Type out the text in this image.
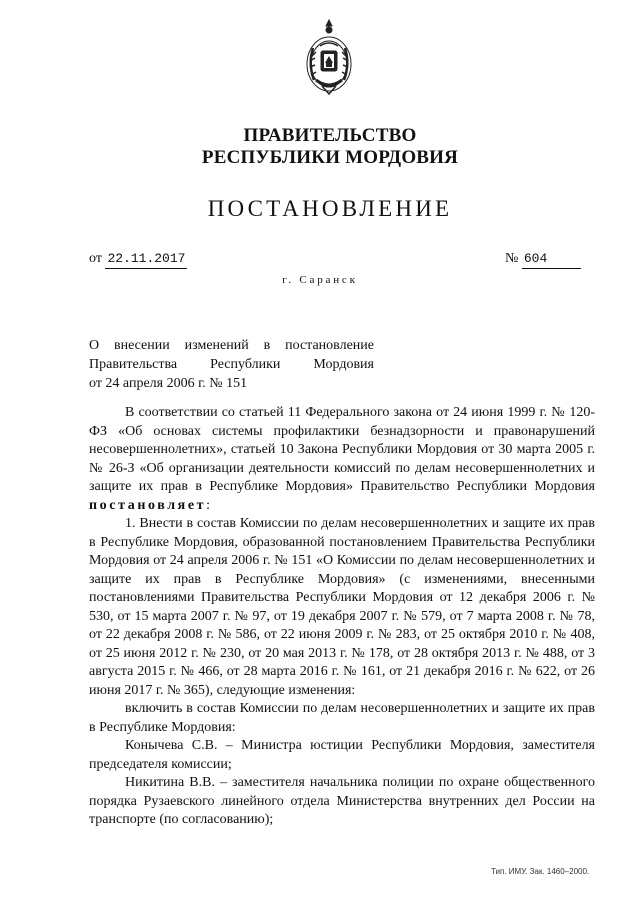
ПРАВИТЕЛЬСТВО
РЕСПУБЛИКИ МОРДОВИЯ
ПОСТАНОВЛЕНИЕ
от 22.11.2017	№ 604
г. Саранск
О внесении изменений в постановление
Правительства Республики Мордовия
от 24 апреля 2006 г. № 151

В соответствии со статьей 11 Федерального закона от 24 июня 1999 г. № 120-ФЗ «Об основах системы профилактики безнадзорности и правонарушений несовершеннолетних», статьей 10 Закона Республики Мордовия от 30 марта 2005 г. № 26-З «Об организации деятельности комиссий по делам несовершеннолетних и защите их прав в Республике Мордовия» Правительство Республики Мордовия постановляет:

1. Внести в состав Комиссии по делам несовершеннолетних и защите их прав в Республике Мордовия, образованной постановлением Правительства Республики Мордовия от 24 апреля 2006 г. № 151 «О Комиссии по делам несовершеннолетних и защите их прав в Республике Мордовия» (с изменениями, внесенными постановлениями Правительства Республики Мордовия от 12 декабря 2006 г. № 530, от 15 марта 2007 г. № 97, от 19 декабря 2007 г. № 579, от 7 марта 2008 г. № 78, от 22 декабря 2008 г. № 586, от 22 июня 2009 г. № 283, от 25 октября 2010 г. № 408, от 25 июня 2012 г. № 230, от 20 мая 2013 г. № 178, от 28 октября 2013 г. № 488, от 3 августа 2015 г. № 466, от 28 марта 2016 г. № 161, от 21 декабря 2016 г. № 622, от 26 июня 2017 г. № 365), следующие изменения:

включить в состав Комиссии по делам несовершеннолетних и защите их прав в Республике Мордовия:

Конычева С.В. – Министра юстиции Республики Мордовия, заместителя председателя комиссии;

Никитина В.В. – заместителя начальника полиции по охране общественного порядка Рузаевского линейного отдела Министерства внутренних дел России на транспорте (по согласованию);

Тип. ИМУ. Зак. 1460–2000.
